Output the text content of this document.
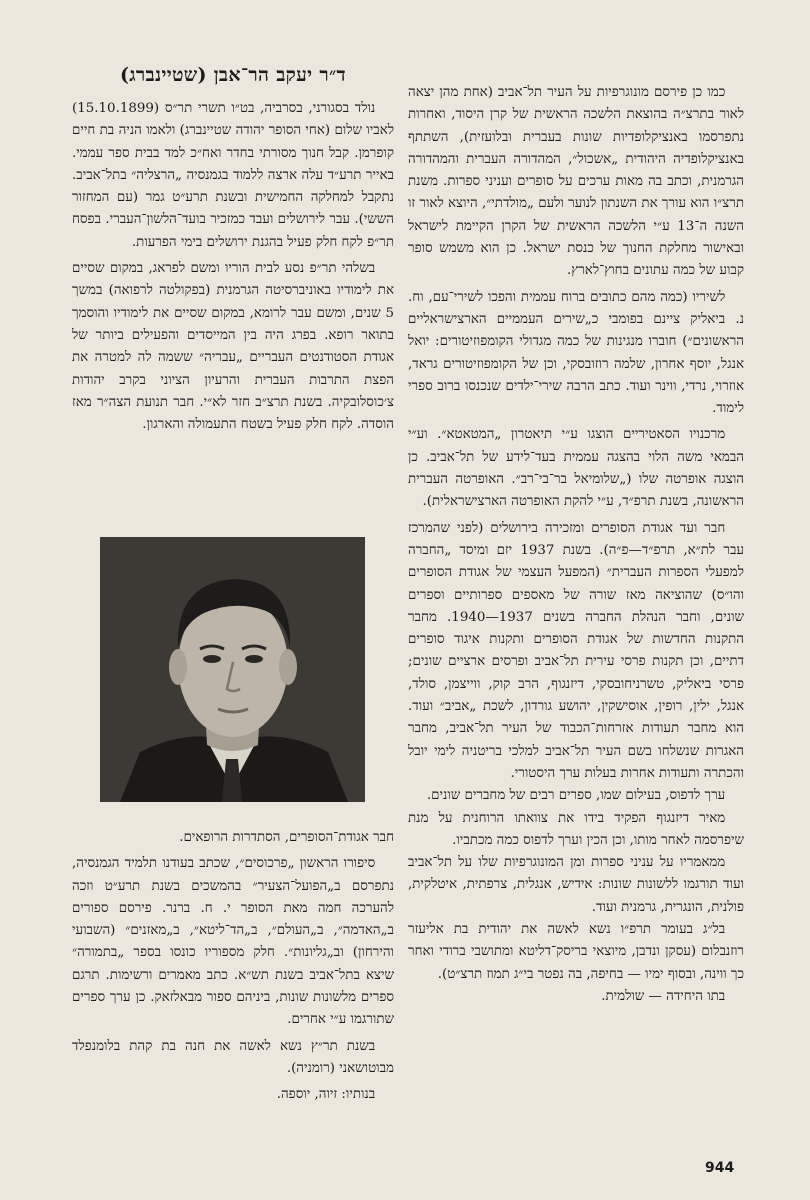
כמו כן פירסם מונוגרפיות על העיר תל־אביב (אחת מהן יצאה לאור בתרצ״ה בהוצאת הלשכה הראשית של קרן היסוד, ואחרות נתפרסמו באנציקלופדיות שונות בעברית ובלועזית), השתתף באנציקלופדיה היהודית „אשכול״, המהדורה העברית והמהדורה הגרמנית, וכתב בה מאות ערכים על סופרים ועניני ספרות. משנת תרצ״ו הוא עורך את השנתון לנוער ולעם „מולדתי״, היוצא לאור זו השנה ה־13 ע״י הלשכה הראשית של הקרן הקיימת לישראל ובאישור מחלקת החנוך של כנסת ישראל. כן הוא משמש סופר קבוע של כמה עתונים בחוץ־לארץ.

לשיריו (כמה מהם כתובים ברוח עממית והפכו לשירי־עם, וח. נ. ביאליק ציינם בפומבי כ„שירים העממיים הארצישראליים הראשונים״) חוברו מנגינות של כמה מגדולי הקומפוזיטורים: יואל אנגל, יוסף אחרון, שלמה רוזובסקי, וכן של הקומפוזיטורים גראד, אוזרוי, נרדי, ווינר ועוד. כתב הרבה שירי־ילדים שנכנסו ברוב ספרי לימוד.

מרכנויו הסאטיריים הוצגו ע״י תיאטרון „המטאטא״. וע״י הבמאי משה הלוי בהצגה עממית בעד־לידע של תל־אביב. כן הוצגה אופרטה שלו („שלומיאל בר־בי־רב״. האופרטה העברית הראשונה, בשנת תרפ״ד, ע״י להקת האופרטה הארצישראלית).

חבר ועד אגודת הסופרים ומזכירה בירושלים (לפני שהמרכז עבר לת״א, תרפ״ד—פ״ה). בשנת 1937 יזם ומיסד „החברה למפעלי הספרות העברית״ (המפעל העצמי של אגודת הסופרים והו״ס) שהוציאה מאז שורה של מאספים ספרותיים וספרים שונים, וחבר הנהלת החברה בשנים 1937—1940. מחבר התקנות החדשות של אגודת הסופרים ותקנות איגוד סופרים דתיים, וכן תקנות פרסי עירית תל־אביב ופרסים ארציים שונים; פרסי ביאליק, טשרניחובסקי, דיזנגוף, הרב קוק, ווייצמן, סולד, אנגל, ילין, רופין, אוסישקין, יהושע גורדון, לשכת „אביב״ ועוד. הוא מחבר תעודות אזרחות־הכבוד של העיר תל־אביב, מחבר האגרות שנשלחו בשם העיר תל־אביב למלכי בריטניה לימי יובל והכתרה ותעודות אחרות בעלות ערך היסטורי.

ערך לדפוס, בעילום שמו, ספרים רבים של מחברים שונים.

מאיר דיזנגוף הפקיד בידו את צוואתו הרוחנית על מנת שיפרסמה לאחר מותו, וכן הכין וערך לדפוס כמה מכתביו.

ממאמריו על עניני ספרות ומן המונוגרפיות שלו על תל־אביב ועוד תורגמו ללשונות שונות: אידיש, אנגלית, צרפתית, איטלקית, פולנית, הונגרית, גרמנית ועוד.

בל״ג בעומר תרפ״ו נשא לאשה את יהודית בת אליעזר רוזנבלום (עסקן ונדבן, מיוצאי בריסק־דליטא ומתושבי ברודי ואחר כך ווינה, ובסוף ימיו — בחיפה, בה נפטר בי״ג תמוז תרצ״ט).

בתו היחידה — שולמית.

ד״ר יעקב הר־אבן (שטיינברג)

נולד בסגורני, בסרביה, בט״ו תשרי תר״ס (15.10.1899) לאביו שלום (אחי הסופר יהודה שטיינברג) ולאמו הניה בת חיים קופרמן. קבל חנוך מסורתי בחדר ואח״כ למד בבית ספר עממי. באייר תרע״ד עלה ארצה ללמוד בגמנסיה „הרצליה״ בתל־אביב. נתקבל למחלקה החמישית ובשנת תרע״ט גמר (עם המחזור הששי). עבר לירושלים ועבד כמזכיר בועד־הלשון־העברי. בפסח תר״פ לקח חלק פעיל בהגנת ירושלים בימי הפרעות.

בשלהי תר״פ נסע לבית הוריו ומשם לפראג, במקום שסיים את לימודיו באוניברסיטה הגרמנית (בפקולטה לרפואה) במשך 5 שנים, ומשם עבר לרומא, במקום שסיים את לימודיו והוסמך בתואר רופא. בפרג היה בין המייסדים והפעילים ביותר של אגודת הסטודנטים העבריים „עבריה״ ששמה לה למטרה את הפצת התרבות העברית והרעיון הציוני בקרב יהודות צ׳כוסלובקיה. בשנת תרצ״ב חזר לא״י. חבר תנועת הצה״ר מאז הוסדה. לקח חלק פעיל בשטח התעמולה והארגון.

חבר אגודת־הסופרים, הסתדרות הרופאים.

סיפורו הראשון „פרכוסים״, שכתב בעודנו תלמיד הגמנסיה, נתפרסם ב„הפועל־הצעיר״ בהמשכים בשנת תרע״ט וזכה להערכה חמה מאת הסופר י. ח. ברנר. פירסם ספורים ב„האדמה״, ב„העולם״, ב„הד־ליטא״, ב„מאזנים״ (השבועי והירחון) וב„גליונות״. חלק מספוריו כונסו בספר „בתמורה״ שיצא בתל־אביב בשנת תש״א. כתב מאמרים ורשימות. תרגם ספרים מלשונות שונות, ביניהם ספור מבאלזאק. כן ערך ספרים שתורגמו ע״י אחרים.

בשנת תר״ץ נשא לאשה את חנה בת קהת בלומנפלד מבוטושאני (רומניה).

בנותיו: זיוה, יוספה.

944
